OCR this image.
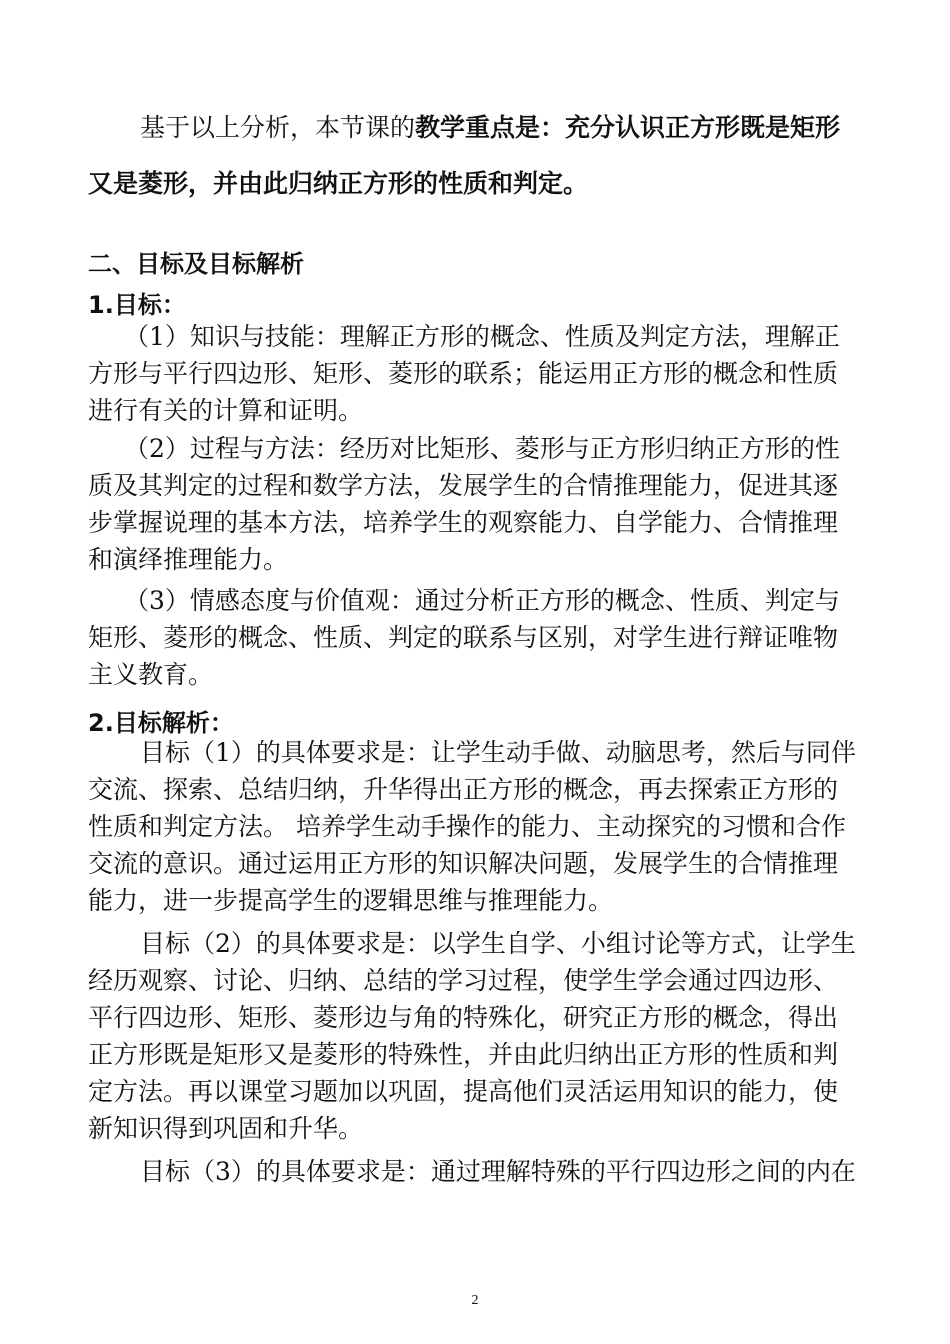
基于以上分析，本节课的教学重点是：充分认识正方形既是矩形
又是菱形，并由此归纳正方形的性质和判定。
二、目标及目标解析
1.目标：
（1）知识与技能：理解正方形的概念、性质及判定方法，理解正
方形与平行四边形、矩形、菱形的联系；能运用正方形的概念和性质
进行有关的计算和证明。
（2）过程与方法：经历对比矩形、菱形与正方形归纳正方形的性
质及其判定的过程和数学方法，发展学生的合情推理能力，促进其逐
步掌握说理的基本方法，培养学生的观察能力、自学能力、合情推理
和演绎推理能力。
（3）情感态度与价值观：通过分析正方形的概念、性质、判定与
矩形、菱形的概念、性质、判定的联系与区别，对学生进行辩证唯物
主义教育。
2.目标解析：
目标（1）的具体要求是：让学生动手做、动脑思考，然后与同伴
交流、探索、总结归纳，升华得出正方形的概念，再去探索正方形的
性质和判定方法。 培养学生动手操作的能力、主动探究的习惯和合作
交流的意识。通过运用正方形的知识解决问题，发展学生的合情推理
能力，进一步提高学生的逻辑思维与推理能力。
目标（2）的具体要求是：以学生自学、小组讨论等方式，让学生
经历观察、讨论、归纳、总结的学习过程，使学生学会通过四边形、
平行四边形、矩形、菱形边与角的特殊化，研究正方形的概念，得出
正方形既是矩形又是菱形的特殊性，并由此归纳出正方形的性质和判
定方法。再以课堂习题加以巩固，提高他们灵活运用知识的能力，使
新知识得到巩固和升华。
目标（3）的具体要求是：通过理解特殊的平行四边形之间的内在
2
